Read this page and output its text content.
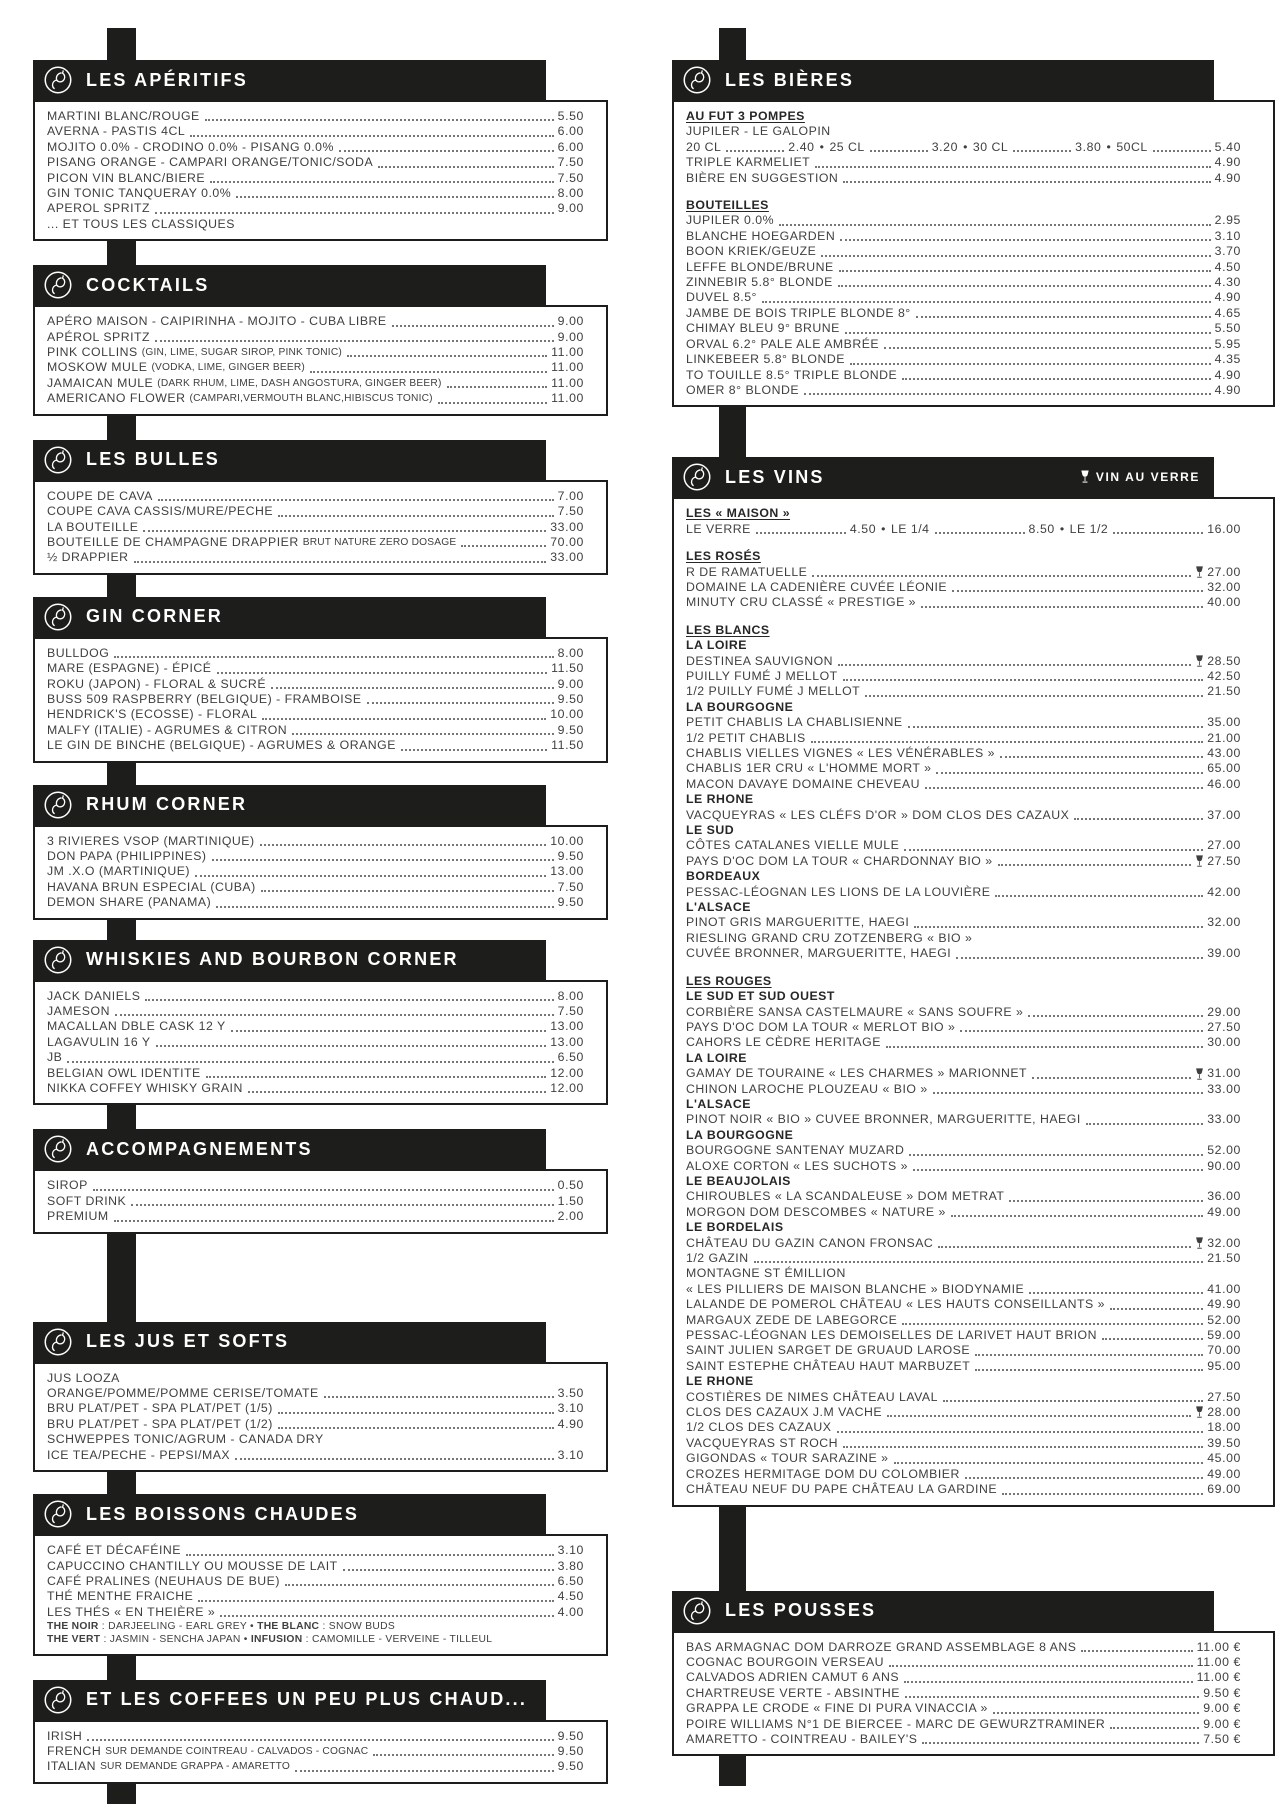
LES APÉRITIFS
MARTINI BLANC/ROUGE	5.50
AVERNA - PASTIS 4CL	6.00
MOJITO 0.0% - CRODINO 0.0% - PISANG 0.0%	6.00
PISANG ORANGE - CAMPARI ORANGE/TONIC/SODA	7.50
PICON VIN BLANC/BIERE	7.50
GIN TONIC TANQUERAY 0.0%	8.00
APEROL SPRITZ	9.00
... ET TOUS LES CLASSIQUES
COCKTAILS
APÉRO MAISON - CAIPIRINHA - MOJITO - CUBA LIBRE	9.00
APÉROL SPRITZ	9.00
PINK COLLINS (GIN, LIME, SUGAR SIROP, PINK TONIC)	11.00
MOSKOW MULE (VODKA, LIME, GINGER BEER)	11.00
JAMAICAN MULE (DARK RHUM, LIME, DASH ANGOSTURA, GINGER BEER)	11.00
AMERICANO FLOWER (CAMPARI,VERMOUTH BLANC,HIBISCUS TONIC)	11.00
LES BULLES
COUPE DE CAVA	7.00
COUPE CAVA CASSIS/MURE/PECHE	7.50
LA BOUTEILLE	33.00
BOUTEILLE DE CHAMPAGNE DRAPPIER BRUT NATURE ZERO DOSAGE	70.00
½ DRAPPIER	33.00
GIN CORNER
BULLDOG	8.00
MARE (ESPAGNE) - ÉPICÉ	11.50
ROKU (JAPON) - FLORAL & SUCRÉ	9.00
BUSS 509 RASPBERRY (BELGIQUE) - FRAMBOISE	9.50
HENDRICK'S (ECOSSE) - FLORAL	10.00
MALFY (ITALIE) - AGRUMES & CITRON	9.50
LE GIN DE BINCHE (BELGIQUE) - AGRUMES & ORANGE	11.50
RHUM CORNER
3 RIVIERES VSOP (MARTINIQUE)	10.00
DON PAPA (PHILIPPINES)	9.50
JM .X.O (MARTINIQUE)	13.00
HAVANA BRUN ESPECIAL (CUBA)	7.50
DEMON SHARE (PANAMA)	9.50
WHISKIES AND BOURBON CORNER
JACK DANIELS	8.00
JAMESON	7.50
MACALLAN DBLE CASK 12 Y	13.00
LAGAVULIN 16 Y	13.00
JB	6.50
BELGIAN OWL IDENTITE	12.00
NIKKA COFFEY WHISKY GRAIN	12.00
ACCOMPAGNEMENTS
SIROP	0.50
SOFT DRINK	1.50
PREMIUM	2.00
LES JUS ET SOFTS
JUS LOOZA
ORANGE/POMME/POMME CERISE/TOMATE	3.50
BRU PLAT/PET - SPA PLAT/PET (1/5)	3.10
BRU PLAT/PET - SPA PLAT/PET (1/2)	4.90
SCHWEPPES TONIC/AGRUM - CANADA DRY
ICE TEA/PECHE - PEPSI/MAX	3.10
LES BOISSONS CHAUDES
CAFÉ ET DÉCAFÉINE	3.10
CAPUCCINO CHANTILLY OU MOUSSE DE LAIT	3.80
CAFÉ PRALINES (NEUHAUS DE BUE)	6.50
THÉ MENTHE FRAICHE	4.50
LES THÉS « EN THEIÈRE »	4.00
THE NOIR : DARJEELING - EARL GREY • THE BLANC : SNOW BUDS
THE VERT : JASMIN - SENCHA JAPAN • INFUSION : CAMOMILLE - VERVEINE - TILLEUL
ET LES COFFEES UN PEU PLUS CHAUD...
IRISH	9.50
FRENCH SUR DEMANDE COINTREAU - CALVADOS - COGNAC	9.50
ITALIAN SUR DEMANDE GRAPPA - AMARETTO	9.50
LES BIÈRES
AU FUT 3 POMPES
JUPILER - LE GALOPIN
20 CL	2.40 • 25 CL	3.20 • 30 CL	3.80 • 50CL	5.40
TRIPLE KARMELIET	4.90
BIÈRE EN SUGGESTION	4.90
BOUTEILLES
JUPILER 0.0%	2.95
BLANCHE HOEGARDEN	3.10
BOON KRIEK/GEUZE	3.70
LEFFE BLONDE/BRUNE	4.50
ZINNEBIR 5.8° BLONDE	4.30
DUVEL 8.5°	4.90
JAMBE DE BOIS TRIPLE BLONDE 8°	4.65
CHIMAY BLEU 9° BRUNE	5.50
ORVAL 6.2° PALE ALE AMBRÉE	5.95
LINKEBEER 5.8° BLONDE	4.35
TO TOUILLE 8.5° TRIPLE BLONDE	4.90
OMER 8° BLONDE	4.90
LES VINS	VIN AU VERRE
LES « MAISON »
LE VERRE	4.50 • LE 1/4	8.50 • LE 1/2	16.00
LES ROSÉS
R DE RAMATUELLE	27.00
DOMAINE LA CADENIÈRE CUVÉE LÉONIE	32.00
MINUTY CRU CLASSÉ « PRESTIGE »	40.00
LES BLANCS
LA LOIRE
DESTINEA SAUVIGNON	28.50
PUILLY FUMÉ J MELLOT	42.50
1/2 PUILLY FUMÉ J MELLOT	21.50
LA BOURGOGNE
PETIT CHABLIS LA CHABLISIENNE	35.00
1/2 PETIT CHABLIS	21.00
CHABLIS VIELLES VIGNES « LES VÉNÉRABLES »	43.00
CHABLIS 1ER CRU « L'HOMME MORT »	65.00
MACON DAVAYE DOMAINE CHEVEAU	46.00
LE RHONE
VACQUEYRAS « LES CLÉFS D'OR » DOM CLOS DES CAZAUX	37.00
LE SUD
CÔTES CATALANES VIELLE MULE	27.00
PAYS D'OC DOM LA TOUR « CHARDONNAY BIO »	27.50
BORDEAUX
PESSAC-LÉOGNAN LES LIONS DE LA LOUVIÈRE	42.00
L'ALSACE
PINOT GRIS MARGUERITTE, HAEGI	32.00
RIESLING GRAND CRU ZOTZENBERG « BIO »
CUVÉE BRONNER, MARGUERITTE, HAEGI	39.00
LES ROUGES
LE SUD ET SUD OUEST
CORBIÈRE SANSA CASTELMAURE « SANS SOUFRE »	29.00
PAYS D'OC DOM LA TOUR « MERLOT BIO »	27.50
CAHORS LE CÈDRE HERITAGE	30.00
LA LOIRE
GAMAY DE TOURAINE « LES CHARMES » MARIONNET	31.00
CHINON LAROCHE PLOUZEAU « BIO »	33.00
L'ALSACE
PINOT NOIR « BIO » CUVEE BRONNER, MARGUERITTE, HAEGI	33.00
LA BOURGOGNE
BOURGOGNE SANTENAY MUZARD	52.00
ALOXE CORTON « LES SUCHOTS »	90.00
LE BEAUJOLAIS
CHIROUBLES « LA SCANDALEUSE » DOM METRAT	36.00
MORGON DOM DESCOMBES « NATURE »	49.00
LE BORDELAIS
CHÂTEAU DU GAZIN CANON FRONSAC	32.00
1/2 GAZIN	21.50
MONTAGNE ST ÉMILLION
« LES PILLIERS DE MAISON BLANCHE » BIODYNAMIE	41.00
LALANDE DE POMEROL CHÂTEAU « LES HAUTS CONSEILLANTS »	49.90
MARGAUX ZEDE DE LABEGORCE	52.00
PESSAC-LÉOGNAN LES DEMOISELLES DE LARIVET HAUT BRION	59.00
SAINT JULIEN SARGET DE GRUAUD LAROSE	70.00
SAINT ESTEPHE CHÂTEAU HAUT MARBUZET	95.00
LE RHONE
COSTIÈRES DE NIMES CHÂTEAU LAVAL	27.50
CLOS DES CAZAUX J.M VACHE	28.00
1/2 CLOS DES CAZAUX	18.00
VACQUEYRAS ST ROCH	39.50
GIGONDAS « TOUR SARAZINE »	45.00
CROZES HERMITAGE DOM DU COLOMBIER	49.00
CHÂTEAU NEUF DU PAPE CHÂTEAU LA GARDINE	69.00
LES POUSSES
BAS ARMAGNAC DOM DARROZE GRAND ASSEMBLAGE 8 ANS	11.00 €
COGNAC BOURGOIN VERSEAU	11.00 €
CALVADOS ADRIEN CAMUT 6 ANS	11.00 €
CHARTREUSE VERTE - ABSINTHE	9.50 €
GRAPPA LE CRODE « FINE DI PURA VINACCIA »	9.00 €
POIRE WILLIAMS N°1 DE BIERCEE - MARC DE GEWURZTRAMINER	9.00 €
AMARETTO - COINTREAU - BAILEY'S	7.50 €
